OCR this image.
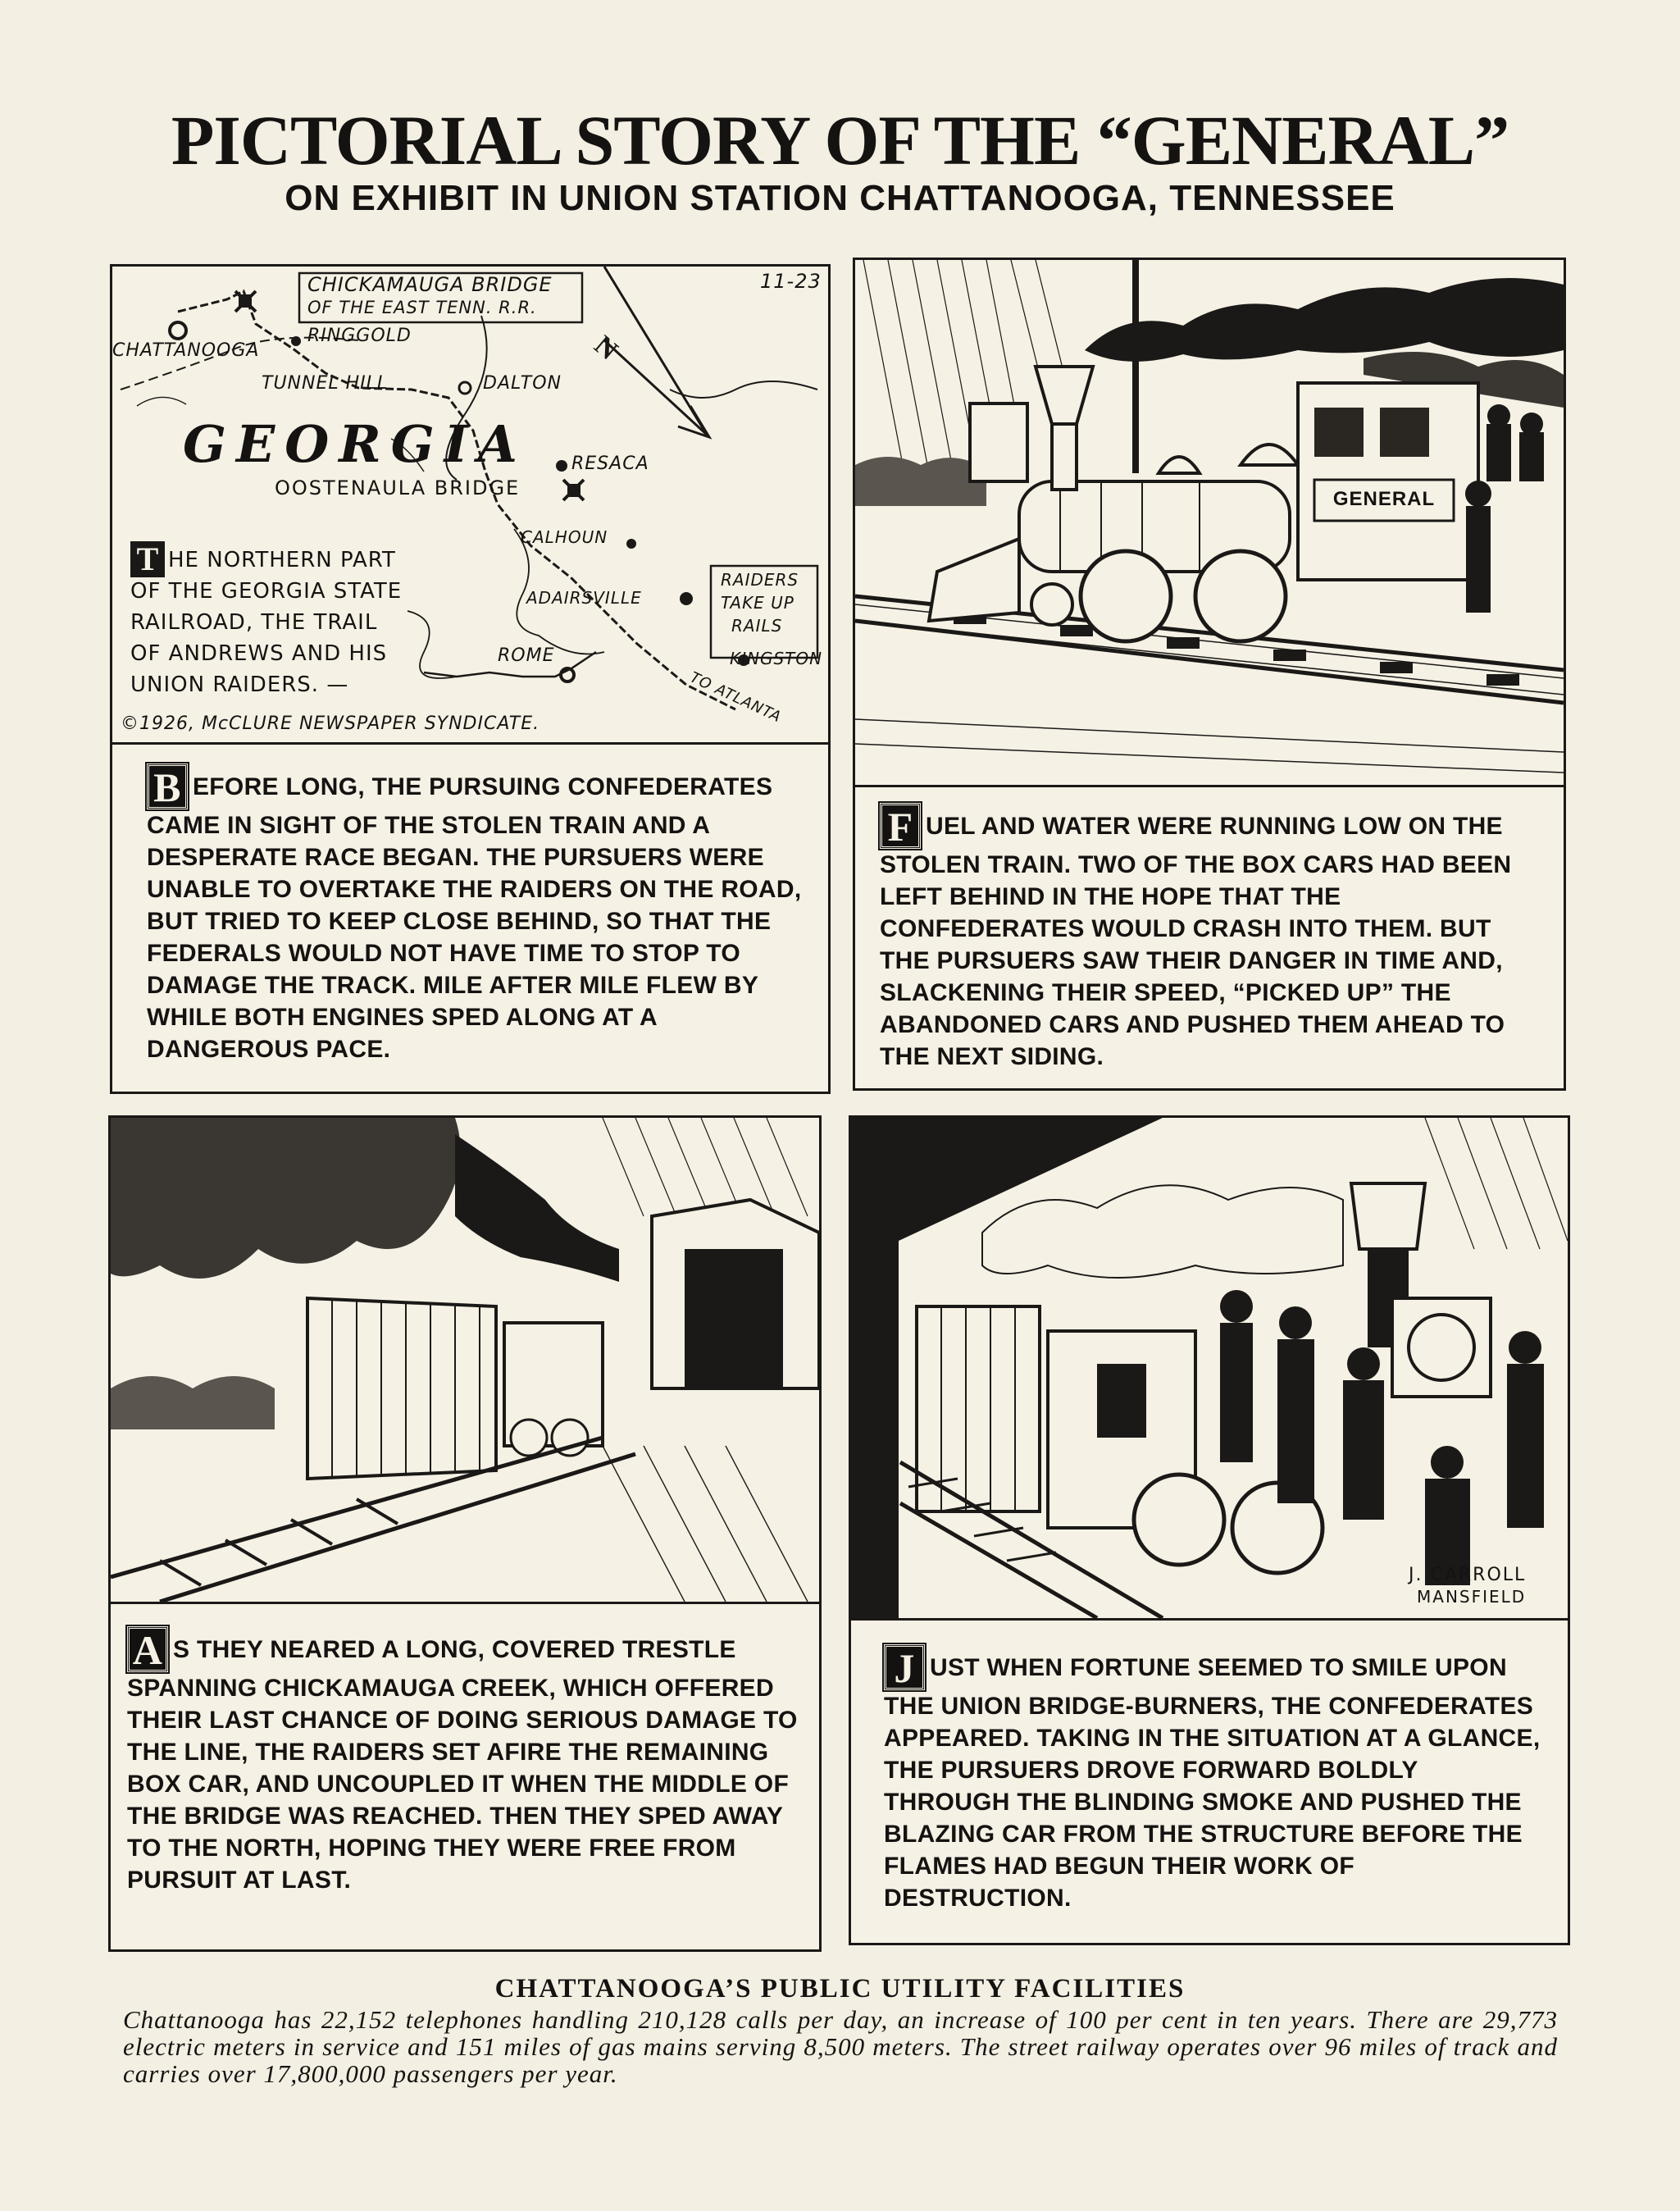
PICTORIAL STORY OF THE “GENERAL”
ON EXHIBIT IN UNION STATION CHATTANOOGA, TENNESSEE
N
CHICKAMAUGA BRIDGE
OF THE EAST TENN. R.R.
11-23
CHATTANOOGA
RINGGOLD
TUNNEL HILL	DALTON
GEORGIA RESACA
OOSTENAULA BRIDGE
CALHOUN
ADAIRSVILLE
ROME	KINGSTON
TO ATLANTA
RAIDERS
TAKE UP
RAILS
T HE NORTHERN PART
OF THE GEORGIA STATE
RAILROAD, THE TRAIL
OF ANDREWS AND HIS
UNION RAIDERS. —
©1926, McCLURE NEWSPAPER SYNDICATE.
B EFORE LONG, THE PURSUING CONFEDERATES CAME IN SIGHT OF THE STOLEN TRAIN AND A DESPERATE RACE BEGAN. THE PURSUERS WERE UNABLE TO OVERTAKE THE RAIDERS ON THE ROAD, BUT TRIED TO KEEP CLOSE BEHIND, SO THAT THE FEDERALS WOULD NOT HAVE TIME TO STOP TO DAMAGE THE TRACK. MILE AFTER MILE FLEW BY WHILE BOTH ENGINES SPED ALONG AT A DANGEROUS PACE.
GENERAL
F UEL AND WATER WERE RUNNING LOW ON THE STOLEN TRAIN. TWO OF THE BOX CARS HAD BEEN LEFT BEHIND IN THE HOPE THAT THE CONFEDERATES WOULD CRASH INTO THEM. BUT THE PURSUERS SAW THEIR DANGER IN TIME AND, SLACKENING THEIR SPEED, “PICKED UP” THE ABANDONED CARS AND PUSHED THEM AHEAD TO THE NEXT SIDING.
A S THEY NEARED A LONG, COVERED TRESTLE SPANNING CHICKAMAUGA CREEK, WHICH OFFERED THEIR LAST CHANCE OF DOING SERIOUS DAMAGE TO THE LINE, THE RAIDERS SET AFIRE THE REMAINING BOX CAR, AND UNCOUPLED IT WHEN THE MIDDLE OF THE BRIDGE WAS REACHED. THEN THEY SPED AWAY TO THE NORTH, HOPING THEY WERE FREE FROM PURSUIT AT LAST.
J. CARROLL
MANSFIELD
J UST WHEN FORTUNE SEEMED TO SMILE UPON THE UNION BRIDGE-BURNERS, THE CONFEDERATES APPEARED. TAKING IN THE SITUATION AT A GLANCE, THE PURSUERS DROVE FORWARD BOLDLY THROUGH THE BLINDING SMOKE AND PUSHED THE BLAZING CAR FROM THE STRUCTURE BEFORE THE FLAMES HAD BEGUN THEIR WORK OF DESTRUCTION.
CHATTANOOGA’S PUBLIC UTILITY FACILITIES
Chattanooga has 22,152 telephones handling 210,128 calls per day, an increase of 100 per cent in ten years. There are 29,773 electric meters in service and 151 miles of gas mains serving 8,500 meters. The street railway operates over 96 miles of track and carries over 17,800,000 passengers per year.
